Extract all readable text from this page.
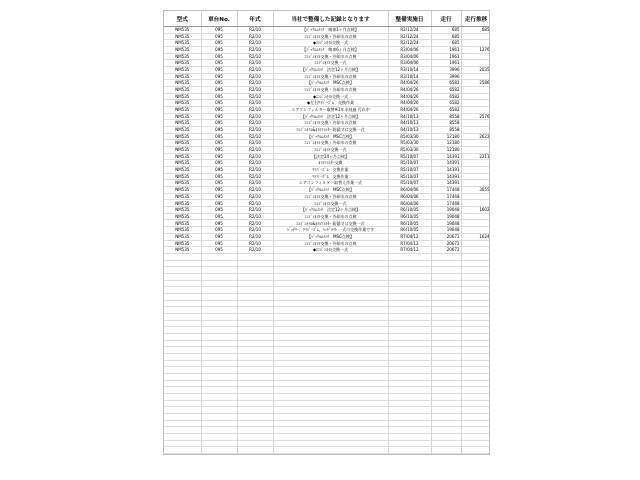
型式	車台No.	年式	当社で整備した記録となります	整備実施日	走行	走行推移
NM535	095	R2/10	【ﾊﾞｯｸﾙﾑﾒﾝﾃ　納車1ヶ月点検】	R2/12/24	685	685
NM535	095	R2/10	ｴﾝｼﾞﾝｵｲﾙ交換・冷却水の点検	R2/12/24	685	
NM535	095	R2/10	◆ｴﾝｼﾞﾝｵｲﾙ交換一式	R2/12/24	685	
NM535	095	R2/10	【ﾊﾞｯｸﾙﾑﾒﾝﾃ　納車6ヶ月点検】	R3/04/06	1961	1276
NM535	095	R2/10	ｴﾝｼﾞﾝｵｲﾙ交換・冷却水の点検	R3/04/06	1961	
NM535	095	R2/10	ｴﾝｼﾞﾝｵｲﾙ交換一式	R3/04/06	1961	
NM535	095	R2/10	【ﾊﾞｯｸﾙﾑﾒﾝﾃ　法定12ヶ月点検】	R3/10/14	3996	2035
NM535	095	R2/10	ｴﾝｼﾞﾝｵｲﾙ交換・冷却水の点検	R3/10/14	3996	
NM535	095	R2/10	【ﾊﾞｯｸﾙﾑﾒﾝﾃ　MSC点検】	R4/04/26	6582	2586
NM535	095	R2/10	ｴﾝｼﾞﾝｵｲﾙ交換・冷却水の点検	R4/04/26	6582	
NM535	095	R2/10	◆ｴﾝｼﾞﾝｵｲﾙ交換一式	R4/04/26	6582	
NM535	095	R2/10	◆左右ﾜｲﾊﾟｰｺﾞﾑ　交換作業	R4/04/26	6582	
NM535	095	R2/10	エアコンフィルター取替※1年半経過 汚れ中	R4/04/26	6582	
NM535	095	R2/10	【ﾊﾞｯｸﾙﾑﾒﾝﾃ　法定12ヶ月点検】	R4/10/13	8558	2576
NM535	095	R2/10	ｴﾝｼﾞﾝｵｲﾙ交換・冷却水の点検	R4/10/13	8558	
NM535	095	R2/10	ｴﾝｼﾞﾝｵｲﾙ&ｵｲﾙﾌｨﾙﾀｰ 防錆又は交換一式	R4/10/13	8558	
NM535	095	R2/10	【ﾊﾞｯｸﾙﾑﾒﾝﾃ　MSC点検】	R5/03/30	12180	2622
NM535	095	R2/10	ｴﾝｼﾞﾝｵｲﾙ交換・冷却水の点検	R5/03/30	12180	
NM535	095	R2/10	ｴﾝｼﾞﾝｵｲﾙ交換一式	R5/03/30	12180	
NM535	095	R2/10	【法定24ヶ月点検】	R5/10/07	14391	2211
NM535	095	R2/10	ｵｲﾙﾌｨﾙﾀｰ交換	R5/10/07	14391	
NM535	095	R2/10	ﾜｲﾊﾟｰｺﾞﾑ　交換作業	R5/10/07	14391	
NM535	095	R2/10	ﾜｲﾊﾟｰｺﾞﾑ　交換作業	R5/10/07	14391	
NM535	095	R2/10	エアコンフィルター取替え作業一式	R5/10/07	14391	
NM535	095	R2/10	【ﾊﾞｯｸﾙﾑﾒﾝﾃ　MSC点検】	R6/04/06	17448	3055
NM535	095	R2/10	ｴﾝｼﾞﾝｵｲﾙ交換・冷却水の点検	R6/04/06	17448	
NM535	095	R2/10	ｴﾝｼﾞﾝｵｲﾙ交換一式	R6/04/06	17448	
NM535	095	R2/10	【ﾊﾞｯｸﾙﾑﾒﾝﾃ　法定12ヶ月点検】	R6/10/05	19048	1602
NM535	095	R2/10	ｴﾝｼﾞﾝｵｲﾙ交換・冷却水の点検	R6/10/05	19048	
NM535	095	R2/10	ｴﾝｼﾞﾝｵｲﾙ&ｵｲﾙﾌｨﾙﾀｰ 防錆又は交換一式	R6/10/05	19048	
NM535	095	R2/10	ﾊﾞｯﾃﾘｰ、ﾜｲﾊﾟｰｺﾞﾑ、ﾍｯﾄﾞﾗｲﾄ 一式の交換作業です	R6/10/05	19048	
NM535	095	R2/10	【ﾊﾞｯｸﾙﾑﾒﾝﾃ　MSC点検】	R7/04/12	20672	1624
NM535	095	R2/10	ｴﾝｼﾞﾝｵｲﾙ交換・冷却水の点検	R7/04/12	20672	
NM535	095	R2/10	◆ｴﾝｼﾞﾝｵｲﾙ交換一式	R7/04/12	20672	
